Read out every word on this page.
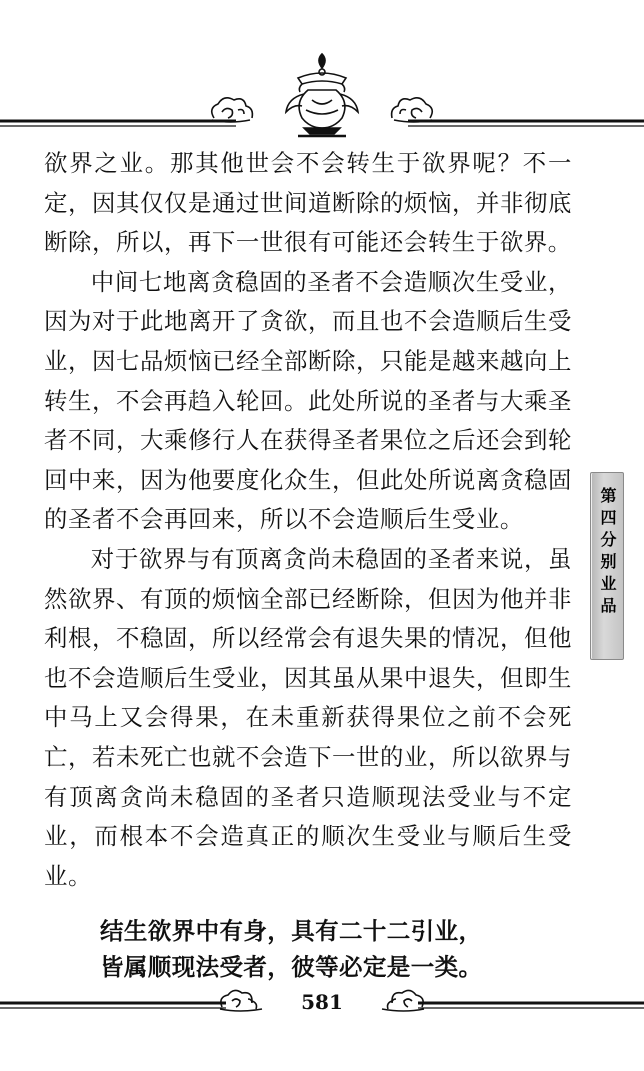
欲界之业。那其他世会不会转生于欲界呢？不一定，因其仅仅是通过世间道断除的烦恼，并非彻底断除，所以，再下一世很有可能还会转生于欲界。

中间七地离贪稳固的圣者不会造顺次生受业，因为对于此地离开了贪欲，而且也不会造顺后生受业，因七品烦恼已经全部断除，只能是越来越向上转生，不会再趋入轮回。此处所说的圣者与大乘圣者不同，大乘修行人在获得圣者果位之后还会到轮回中来，因为他要度化众生，但此处所说离贪稳固的圣者不会再回来，所以不会造顺后生受业。

对于欲界与有顶离贪尚未稳固的圣者来说，虽然欲界、有顶的烦恼全部已经断除，但因为他并非利根，不稳固，所以经常会有退失果的情况，但他也不会造顺后生受业，因其虽从果中退失，但即生中马上又会得果，在未重新获得果位之前不会死亡，若未死亡也就不会造下一世的业，所以欲界与有顶离贪尚未稳固的圣者只造顺现法受业与不定业，而根本不会造真正的顺次生受业与顺后生受业。

结生欲界中有身，具有二十二引业，
皆属顺现法受者，彼等必定是一类。
第四分别业品
581
